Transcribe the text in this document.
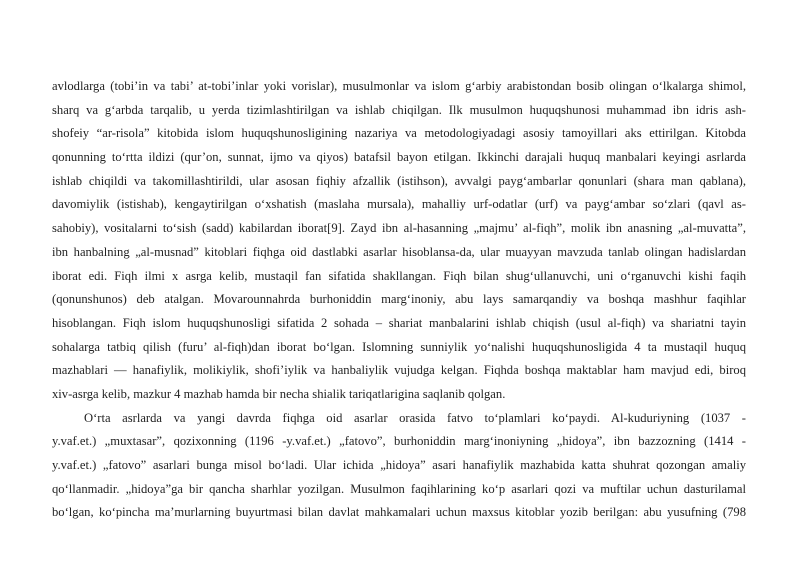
avlodlarga (tobi’in va tabi’ at-tobi’inlar yoki vorislar), musulmonlar va islom g‘arbiy arabistondan bosib olingan o‘lkalarga shimol,
sharq va g‘arbda tarqalib, u yerda tizimlashtirilgan va ishlab chiqilgan. Ilk musulmon huquqshunosi muhammad ibn idris ash-
shofeiy “ar-risola” kitobida islom huquqshunosligining nazariya va metodologiyadagi asosiy tamoyillari aks ettirilgan. Kitobda
qonunning to‘rtta ildizi (qur’on, sunnat, ijmo va qiyos) batafsil bayon etilgan. Ikkinchi darajali huquq manbalari keyingi asrlarda
ishlab chiqildi va takomillashtirildi, ular asosan fiqhiy afzallik (istihson), avvalgi payg‘ambarlar qonunlari (shara man qablana),
davomiylik (istishab), kengaytirilgan o‘xshatish (maslaha mursala), mahalliy urf-odatlar (urf) va payg‘ambar so‘zlari (qavl as-
sahobiy), vositalarni to‘sish (sadd) kabilardan iborat[9]. Zayd ibn al-hasanning „majmu’ al-fiqh”, molik ibn anasning „al-muvatta”,
ibn hanbalning „al-musnad” kitoblari fiqhga oid dastlabki asarlar hisoblansa-da, ular muayyan mavzuda tanlab olingan hadislardan
iborat edi. Fiqh ilmi x asrga kelib, mustaqil fan sifatida shakllangan. Fiqh bilan shug‘ullanuvchi, uni o‘rganuvchi kishi faqih
(qonunshunos) deb atalgan. Movarounnahrda burhoniddin marg‘inoniy, abu lays samarqandiy va boshqa mashhur faqihlar
hisoblangan. Fiqh islom huquqshunosligi sifatida 2 sohada – shariat manbalarini ishlab chiqish (usul al-fiqh) va shariatni tayin
sohalarga tatbiq qilish (furu’ al-fiqh)dan iborat bo‘lgan. Islomning sunniylik yo‘nalishi huquqshunosligida 4 ta mustaqil huquq
mazhablari — hanafiylik, molikiylik, shofi’iylik va hanbaliylik vujudga kelgan. Fiqhda boshqa maktablar ham mavjud edi, biroq
xiv-asrga kelib, mazkur 4 mazhab hamda bir necha shialik tariqatlarigina saqlanib qolgan.
O‘rta asrlarda va yangi davrda fiqhga oid asarlar orasida fatvo to‘plamlari ko‘paydi. Al-kuduriyning (1037 -
y.vaf.et.) „muxtasar”, qozixonning (1196 -y.vaf.et.) „fatovo”, burhoniddin marg‘inoniyning „hidoya”, ibn bazzozning (1414 -
y.vaf.et.) „fatovo” asarlari bunga misol bo‘ladi. Ular ichida „hidoya” asari hanafiylik mazhabida katta shuhrat qozongan amaliy
qo‘llanmadir. „hidoya”ga bir qancha sharhlar yozilgan. Musulmon faqihlarining ko‘p asarlari qozi va muftilar uchun dasturilamal
bo‘lgan, ko‘pincha ma’murlarning buyurtmasi bilan davlat mahkamalari uchun maxsus kitoblar yozib berilgan: abu yusufning (798
